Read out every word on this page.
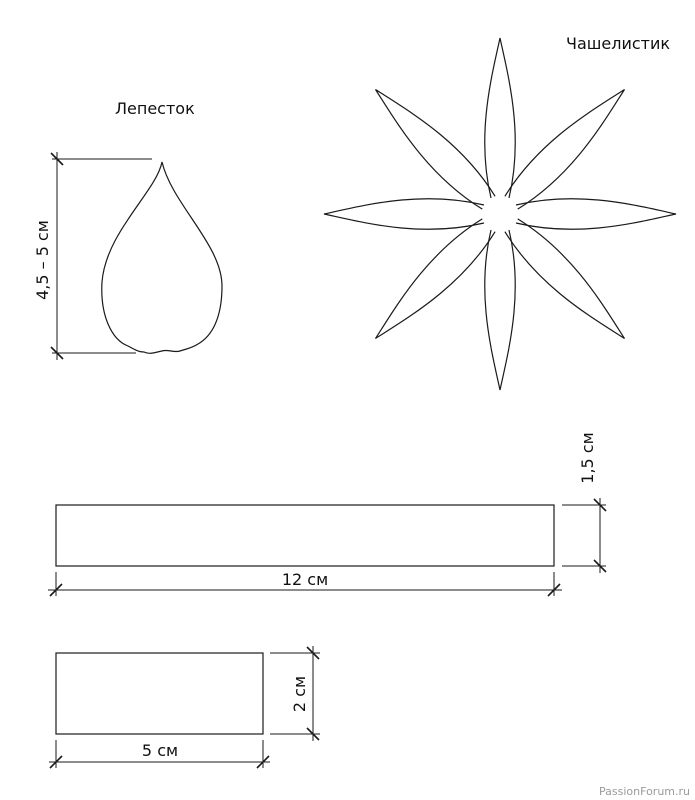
Лепесток
4,5 – 5 см
Чашелистик
1,5 см
12 см
2 см
5 см
PassionForum.ru
